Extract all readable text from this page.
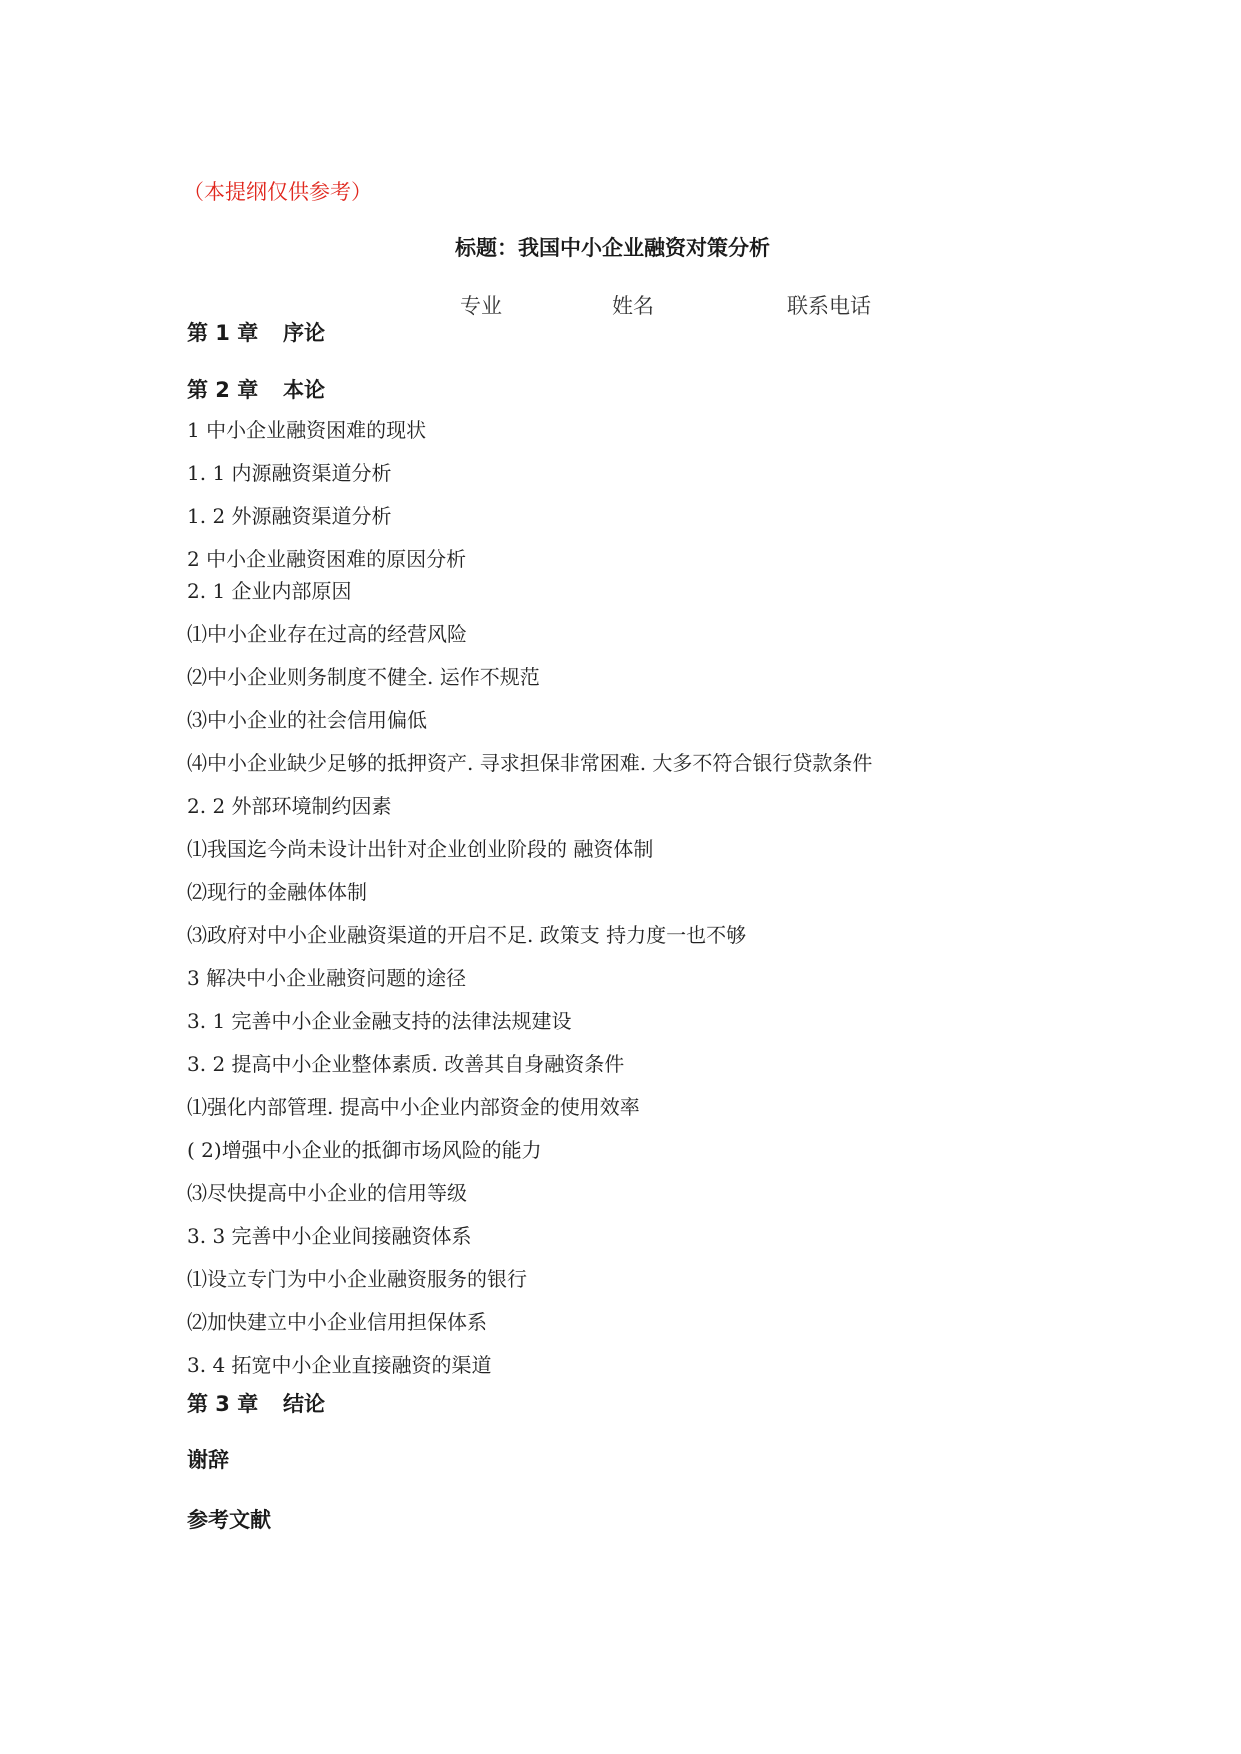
（本提纲仅供参考）
标题：我国中小企业融资对策分析
专业	姓名	联系电话
第 1 章 序论
第 2 章 本论
1 中小企业融资困难的现状
1. 1 内源融资渠道分析
1. 2 外源融资渠道分析
2 中小企业融资困难的原因分析
2. 1 企业内部原因
⑴中小企业存在过高的经营风险
⑵中小企业则务制度不健全. 运作不规范
⑶中小企业的社会信用偏低
⑷中小企业缺少足够的抵押资产. 寻求担保非常困难. 大多不符合银行贷款条件
2. 2 外部环境制约因素
⑴我国迄今尚未设计出针对企业创业阶段的 融资体制
⑵现行的金融体体制
⑶政府对中小企业融资渠道的开启不足. 政策支 持力度一也不够
3 解决中小企业融资问题的途径
3. 1 完善中小企业金融支持的法律法规建设
3. 2 提高中小企业整体素质. 改善其自身融资条件
⑴强化内部管理. 提高中小企业内部资金的使用效率
( 2)增强中小企业的抵御市场风险的能力
⑶尽快提高中小企业的信用等级
3. 3 完善中小企业间接融资体系
⑴设立专门为中小企业融资服务的银行
⑵加快建立中小企业信用担保体系
3. 4 拓宽中小企业直接融资的渠道
第 3 章 结论
谢辞
参考文献
